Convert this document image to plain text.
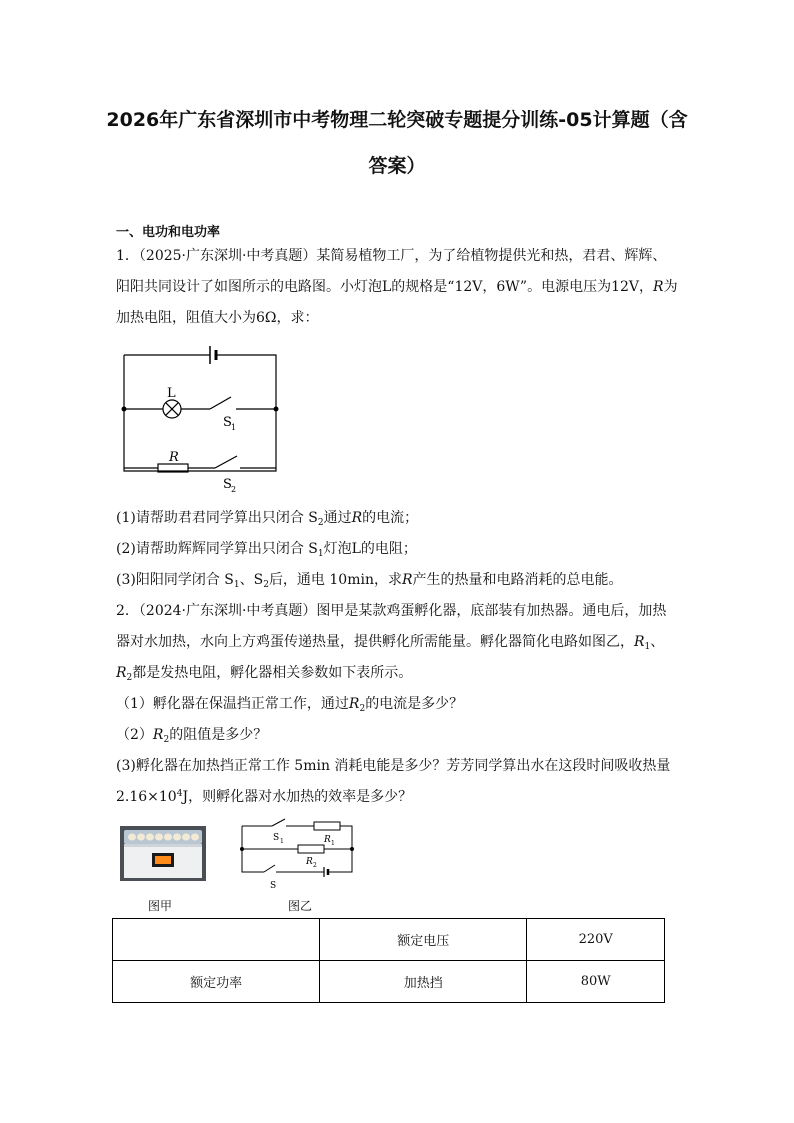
2026年广东省深圳市中考物理二轮突破专题提分训练-05计算题（含答案）
一、电功和电功率

1．（2025·广东深圳·中考真题）某简易植物工厂，为了给植物提供光和热，君君、辉辉、阳阳共同设计了如图所示的电路图。小灯泡L的规格是“12V，6W”。电源电压为12V，R为加热电阻，阻值大小为6Ω，求：

L
S 1
R
S 2

(1)请帮助君君同学算出只闭合 $S_2$通过R的电流；

(2)请帮助辉辉同学算出只闭合 $S_1$灯泡L的电阻；

(3)阳阳同学闭合 $S_1$、$S_2$后，通电 10min，求R产生的热量和电路消耗的总电能。

2．（2024·广东深圳·中考真题）图甲是某款鸡蛋孵化器，底部装有加热器。通电后，加热器对水加热，水向上方鸡蛋传递热量，提供孵化所需能量。孵化器简化电路如图乙，$R_1$、$R_2$都是发热电阻，孵化器相关参数如下表所示。

（1）孵化器在保温挡正常工作，通过$R_2$的电流是多少？

$(2)R_2$的阻值是多少？

(3)孵化器在加热挡正常工作 5min 消耗电能是多少？芳芳同学算出水在这段时间吸收热量 $2.16\times 10^4J$，则孵化器对水加热的效率是多少？

S 1	R 1
R 2
S
图甲	图乙
	额定电压	220V
额定功率	加热挡	80W
